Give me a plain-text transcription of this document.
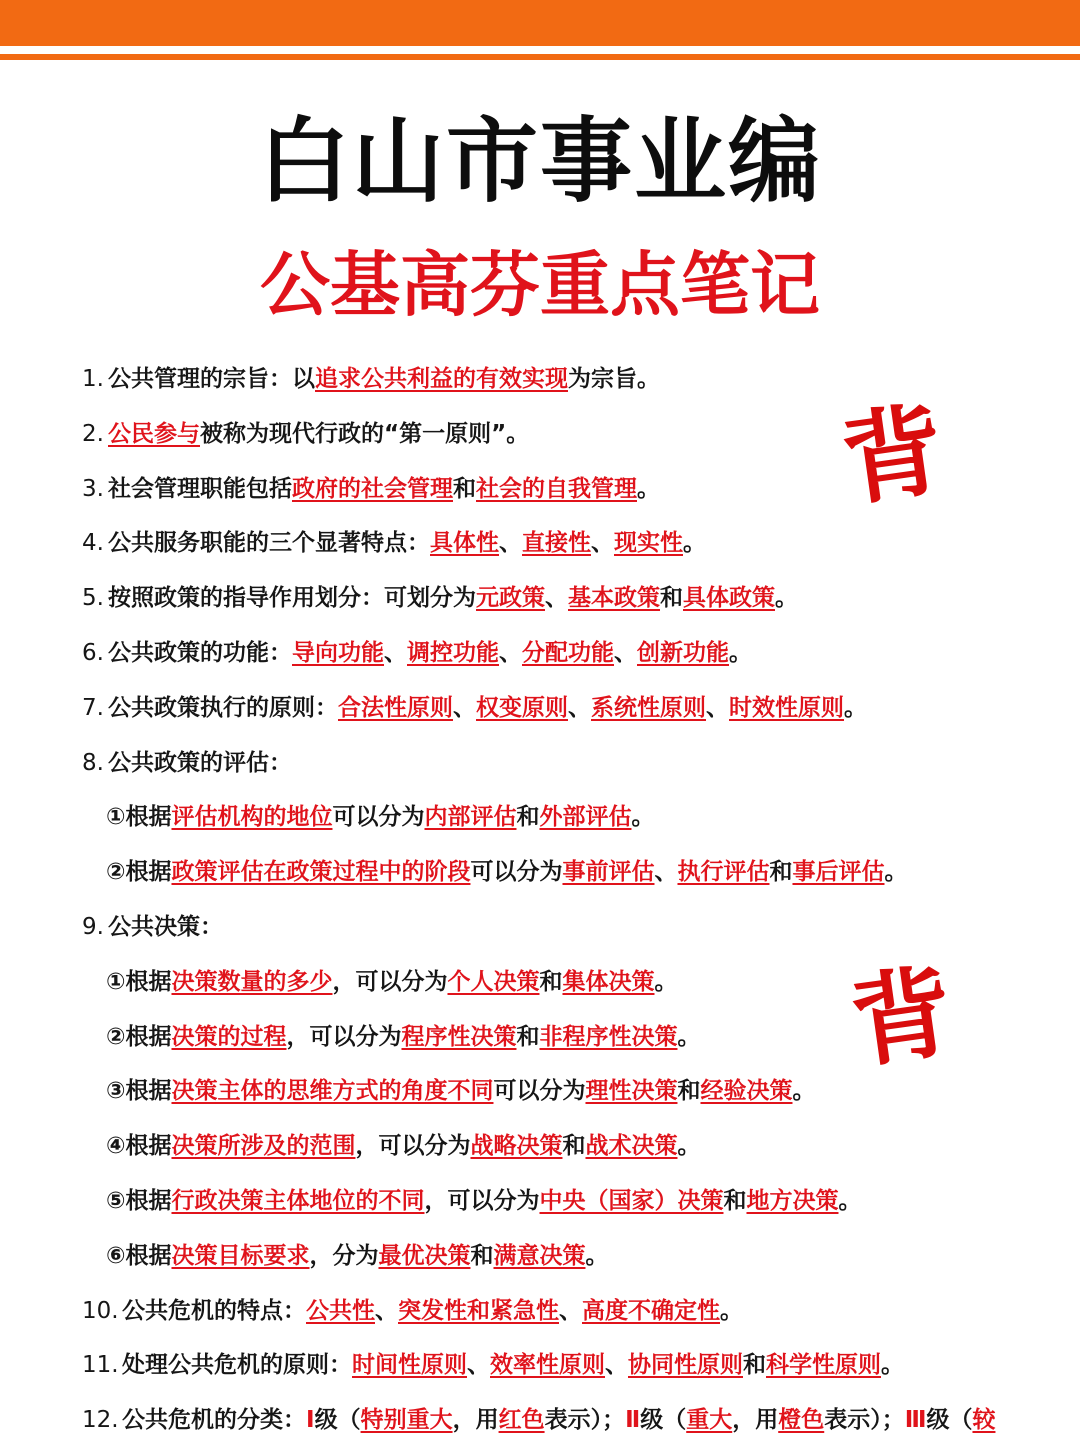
白山市事业编
公基高芬重点笔记
背
背
1. 公共管理的宗旨：以追求公共利益的有效实现为宗旨。
2. 公民参与被称为现代行政的“第一原则”。
3. 社会管理职能包括政府的社会管理和社会的自我管理。
4. 公共服务职能的三个显著特点：具体性、直接性、现实性。
5. 按照政策的指导作用划分：可划分为元政策、基本政策和具体政策。
6. 公共政策的功能：导向功能、调控功能、分配功能、创新功能。
7. 公共政策执行的原则：合法性原则、权变原则、系统性原则、时效性原则。
8. 公共政策的评估：
①根据评估机构的地位可以分为内部评估和外部评估。
②根据政策评估在政策过程中的阶段可以分为事前评估、执行评估和事后评估。
9. 公共决策：
①根据决策数量的多少，可以分为个人决策和集体决策。
②根据决策的过程，可以分为程序性决策和非程序性决策。
③根据决策主体的思维方式的角度不同可以分为理性决策和经验决策。
④根据决策所涉及的范围，可以分为战略决策和战术决策。
⑤根据行政决策主体地位的不同，可以分为中央（国家）决策和地方决策。
⑥根据决策目标要求，分为最优决策和满意决策。
10. 公共危机的特点：公共性、突发性和紧急性、高度不确定性。
11. 处理公共危机的原则：时间性原则、效率性原则、协同性原则和科学性原则。
12. 公共危机的分类：Ⅰ级（特别重大，用红色表示）；Ⅱ级（重大，用橙色表示）；Ⅲ级（较
